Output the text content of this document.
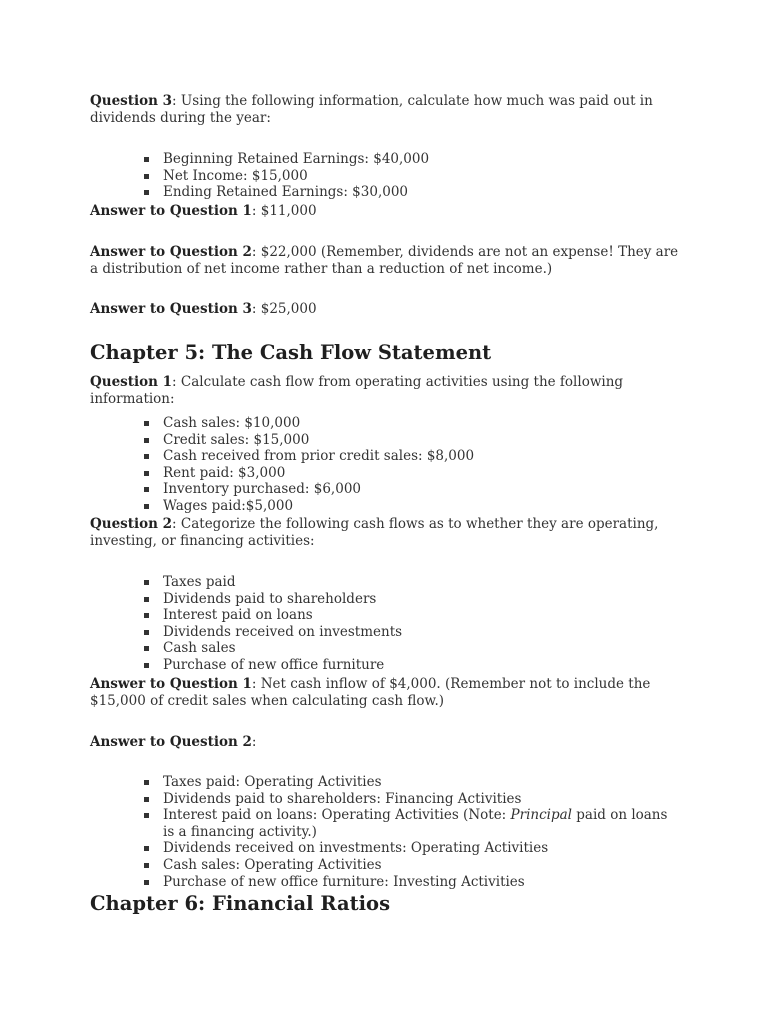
Question 3: Using the following information, calculate how much was paid out in dividends during the year:

Beginning Retained Earnings: $40,000
Net Income: $15,000
Ending Retained Earnings: $30,000

Answer to Question 1: $11,000

Answer to Question 2: $22,000 (Remember, dividends are not an expense! They are a distribution of net income rather than a reduction of net income.)

Answer to Question 3: $25,000

Chapter 5: The Cash Flow Statement

Question 1: Calculate cash flow from operating activities using the following information:

Cash sales: $10,000
Credit sales: $15,000
Cash received from prior credit sales: $8,000
Rent paid: $3,000
Inventory purchased: $6,000
Wages paid:$5,000

Question 2: Categorize the following cash flows as to whether they are operating, investing, or financing activities:

Taxes paid
Dividends paid to shareholders
Interest paid on loans
Dividends received on investments
Cash sales
Purchase of new office furniture

Answer to Question 1: Net cash inflow of $4,000. (Remember not to include the $15,000 of credit sales when calculating cash flow.)

Answer to Question 2:

Taxes paid: Operating Activities
Dividends paid to shareholders: Financing Activities
Interest paid on loans: Operating Activities (Note: Principal paid on loans is a financing activity.)
Dividends received on investments: Operating Activities
Cash sales: Operating Activities
Purchase of new office furniture: Investing Activities
Chapter 6: Financial Ratios
